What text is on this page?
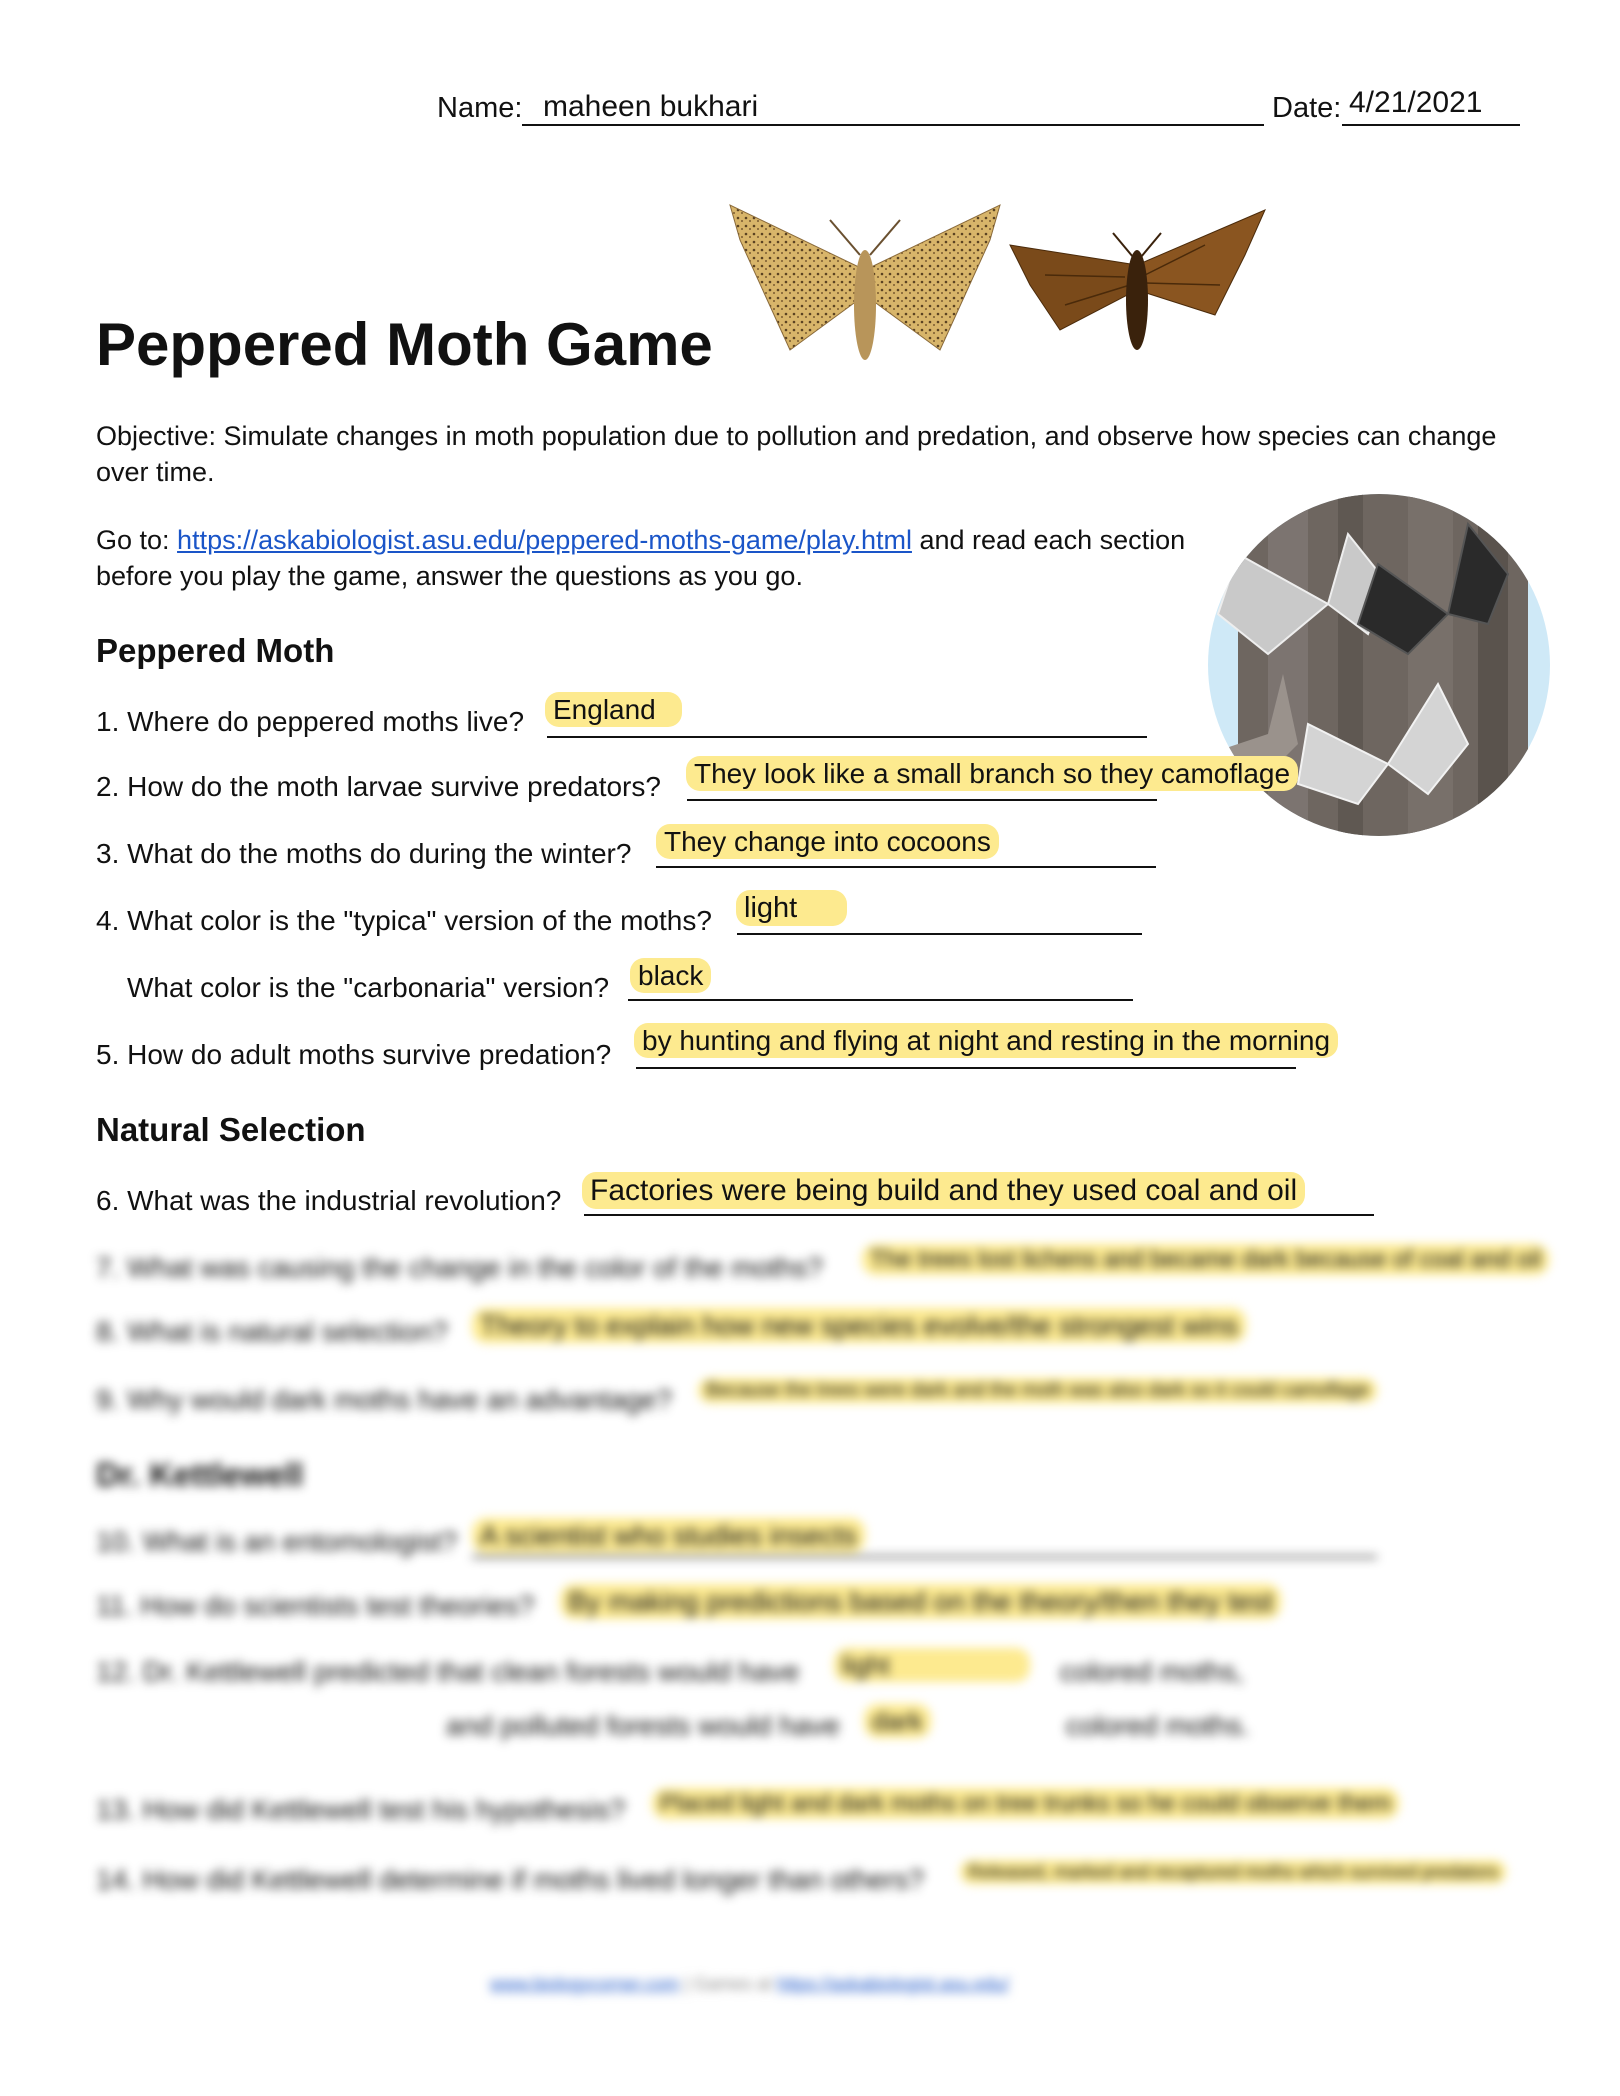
Name: maheen bukhari	Date: 4/21/2021
Peppered Moth Game
Objective: Simulate changes in moth population due to pollution and predation, and observe how species can change over time.
Go to: https://askabiologist.asu.edu/peppered-moths-game/play.html and read each section before you play the game, answer the questions as you go.
Peppered Moth
1. Where do peppered moths live? England
2. How do the moth larvae survive predators? They look like a small branch so they camoflage
3. What do the moths do during the winter? They change into cocoons
4. What color is the "typica" version of the moths? light
What color is the "carbonaria" version? black
5. How do adult moths survive predation? by hunting and flying at night and resting in the morning
Natural Selection
6. What was the industrial revolution? Factories were being build and they used coal and oil
7. What was causing the change in the color of the moths?	The trees lost lichens and became dark because of coal and oil
8. What is natural selection? Theory to explain how new species evolve/the strongest wins
9. Why would dark moths have an advantage?	Because the trees were dark and the moth was also dark so it could camoflage
Dr. Kettlewell
10. What is an entomologist? A scientist who studies insects
11. How do scientists test theories? By making predictions based on the theory/then they test
12. Dr. Kettlewell predicted that clean forests would have	light	colored moths,
and polluted forests would have	dark	colored moths.
13. How did Kettlewell test his hypothesis?	Placed light and dark moths on tree trunks so he could observe them
14. How did Kettlewell determine if moths lived longer than others?	Released, marked and recaptured moths which survived predators
www.biologycorner.com | Games at https://askabiologist.asu.edu/
